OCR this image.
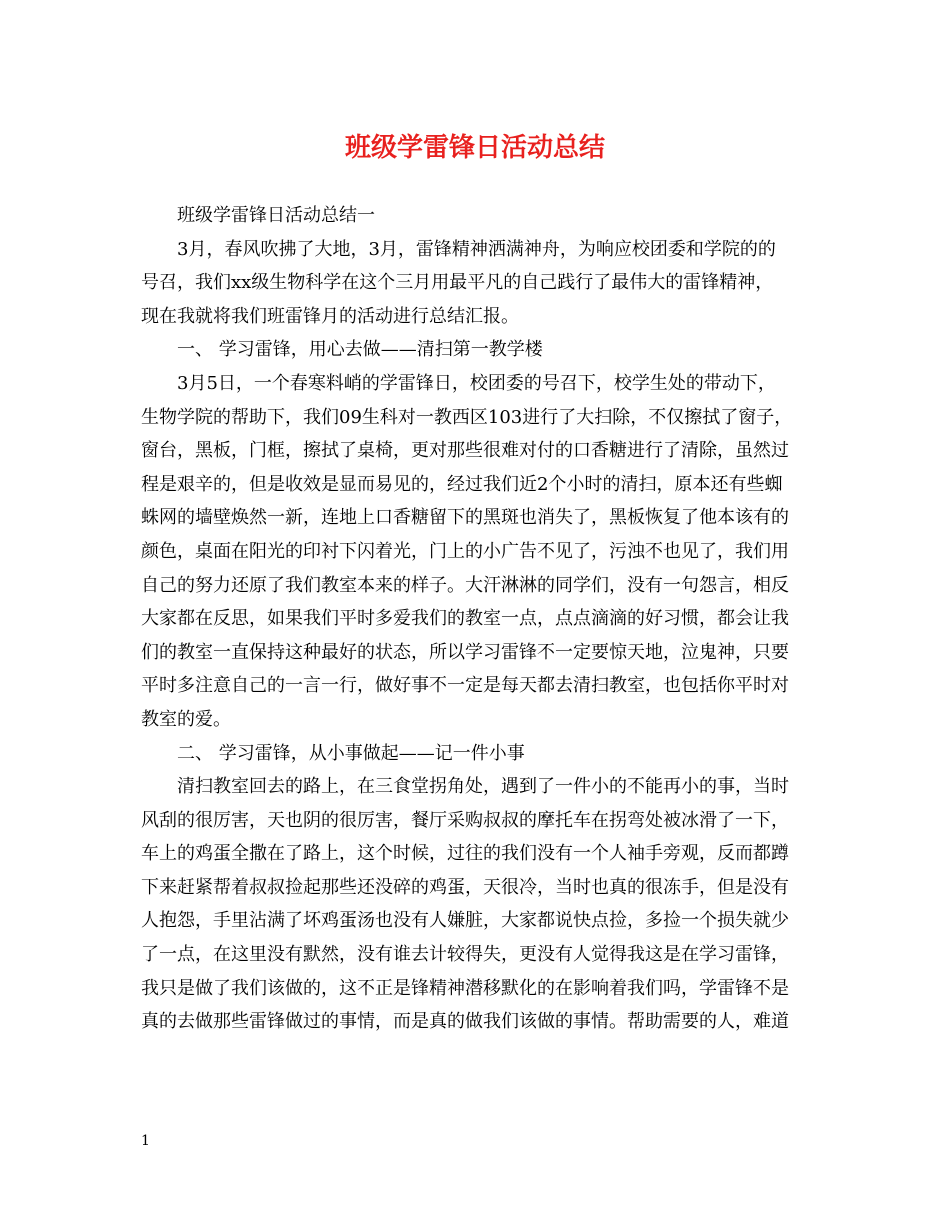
班级学雷锋日活动总结
班级学雷锋日活动总结一
3月，春风吹拂了大地，3月，雷锋精神洒满神舟，为响应校团委和学院的的
号召，我们xx级生物科学在这个三月用最平凡的自己践行了最伟大的雷锋精神，
现在我就将我们班雷锋月的活动进行总结汇报。
一、 学习雷锋，用心去做——清扫第一教学楼
3月5日，一个春寒料峭的学雷锋日，校团委的号召下，校学生处的带动下，
生物学院的帮助下，我们09生科对一教西区103进行了大扫除，不仅擦拭了窗子，
窗台，黑板，门框，擦拭了桌椅，更对那些很难对付的口香糖进行了清除，虽然过
程是艰辛的，但是收效是显而易见的，经过我们近2个小时的清扫，原本还有些蜘
蛛网的墙壁焕然一新，连地上口香糖留下的黑斑也消失了，黑板恢复了他本该有的
颜色，桌面在阳光的印衬下闪着光，门上的小广告不见了，污浊不也见了，我们用
自己的努力还原了我们教室本来的样子。大汗淋淋的同学们，没有一句怨言，相反
大家都在反思，如果我们平时多爱我们的教室一点，点点滴滴的好习惯，都会让我
们的教室一直保持这种最好的状态，所以学习雷锋不一定要惊天地，泣鬼神，只要
平时多注意自己的一言一行，做好事不一定是每天都去清扫教室，也包括你平时对
教室的爱。
二、 学习雷锋，从小事做起——记一件小事
清扫教室回去的路上，在三食堂拐角处，遇到了一件小的不能再小的事，当时
风刮的很厉害，天也阴的很厉害，餐厅采购叔叔的摩托车在拐弯处被冰滑了一下，
车上的鸡蛋全撒在了路上，这个时候，过往的我们没有一个人袖手旁观，反而都蹲
下来赶紧帮着叔叔捡起那些还没碎的鸡蛋，天很冷，当时也真的很冻手，但是没有
人抱怨，手里沾满了坏鸡蛋汤也没有人嫌脏，大家都说快点捡，多捡一个损失就少
了一点，在这里没有默然，没有谁去计较得失，更没有人觉得我这是在学习雷锋，
我只是做了我们该做的，这不正是锋精神潜移默化的在影响着我们吗，学雷锋不是
真的去做那些雷锋做过的事情，而是真的做我们该做的事情。帮助需要的人，难道
1
